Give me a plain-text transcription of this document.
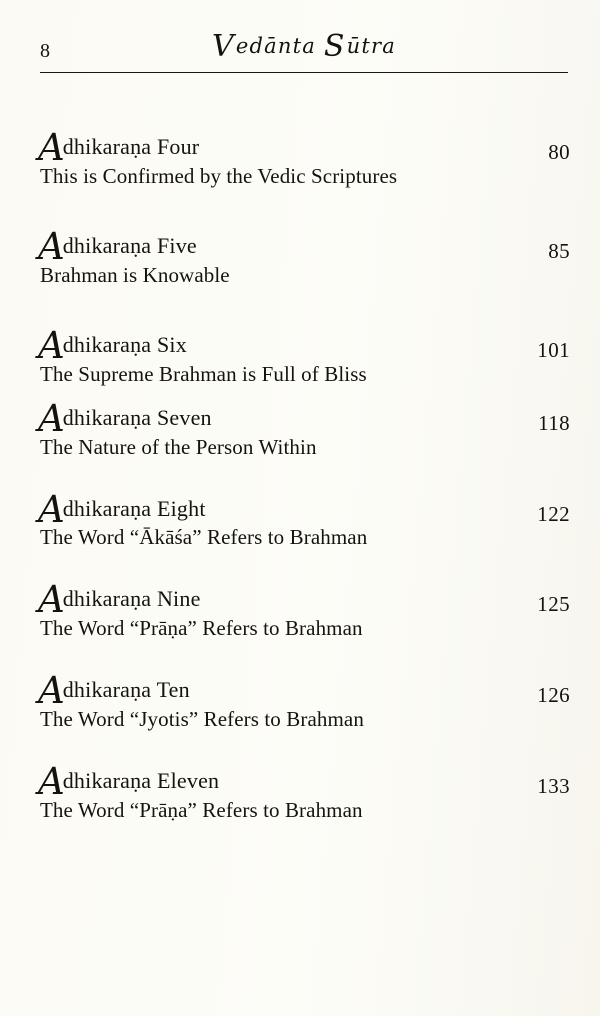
8	Vedānta Sūtra
Adhikaraṇa Four	80
This is Confirmed by the Vedic Scriptures
Adhikaraṇa Five	85
Brahman is Knowable
Adhikaraṇa Six	101
The Supreme Brahman is Full of Bliss
Adhikaraṇa Seven	118
The Nature of the Person Within
Adhikaraṇa Eight	122
The Word “Ākāśa” Refers to Brahman
Adhikaraṇa Nine	125
The Word “Prāṇa” Refers to Brahman
Adhikaraṇa Ten	126
The Word “Jyotis” Refers to Brahman
Adhikaraṇa Eleven	133
The Word “Prāṇa” Refers to Brahman
